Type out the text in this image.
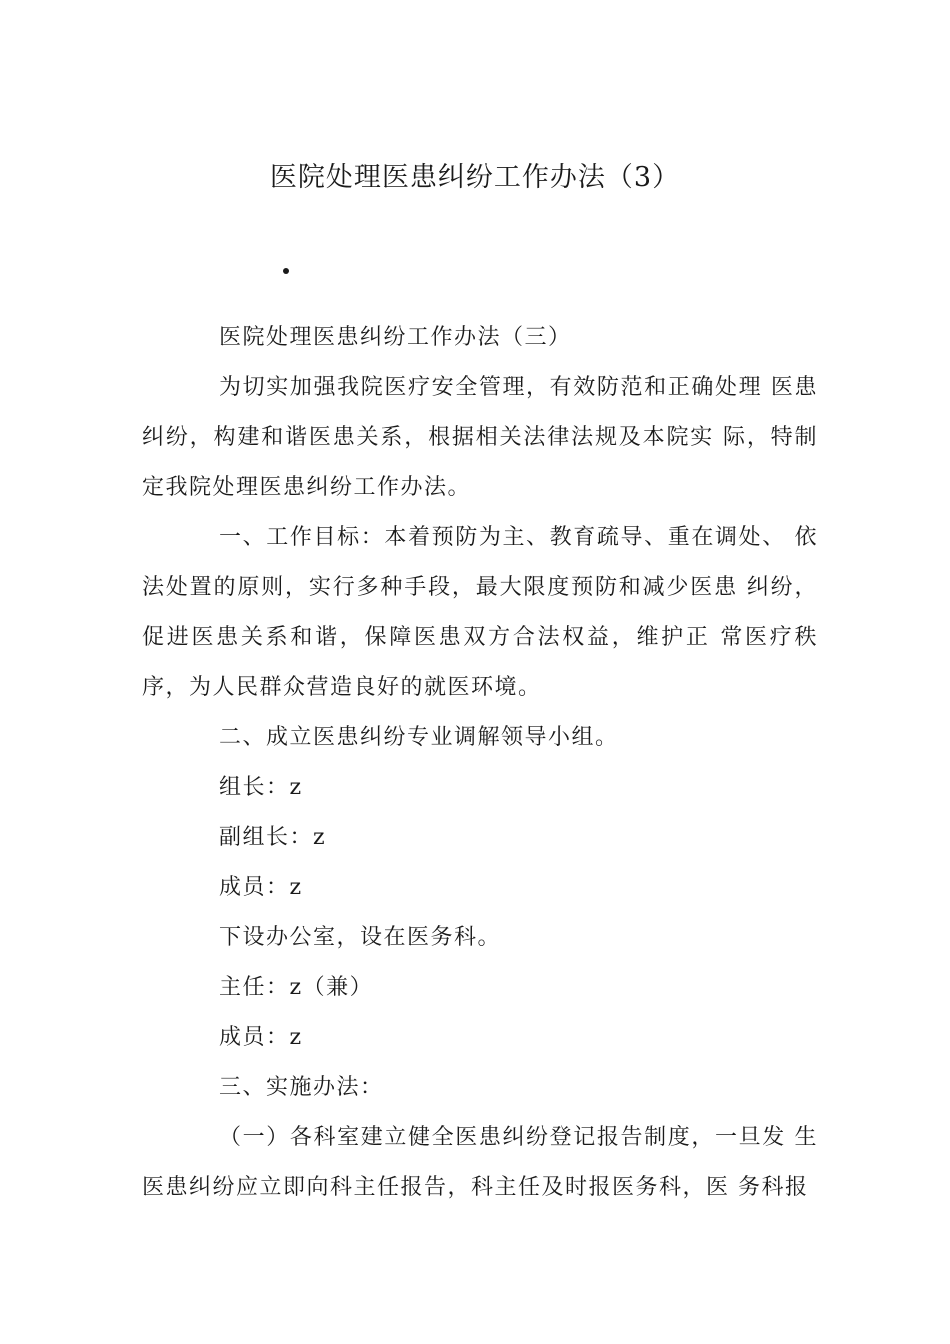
医院处理医患纠纷工作办法（3）

医院处理医患纠纷工作办法（三）

为切实加强我院医疗安全管理，有效防范和正确处理 医患纠纷，构建和谐医患关系，根据相关法律法规及本院实 际，特制定我院处理医患纠纷工作办法。

一、工作目标：本着预防为主、教育疏导、重在调处、 依法处置的原则，实行多种手段，最大限度预防和减少医患 纠纷，促进医患关系和谐，保障医患双方合法权益，维护正 常医疗秩序，为人民群众营造良好的就医环境。

二、成立医患纠纷专业调解领导小组。

组长：z

副组长：z

成员：z

下设办公室，设在医务科。

主任：z（兼）

成员：z

三、实施办法：

（一）各科室建立健全医患纠纷登记报告制度，一旦发 生医患纠纷应立即向科主任报告，科主任及时报医务科，医 务科报
